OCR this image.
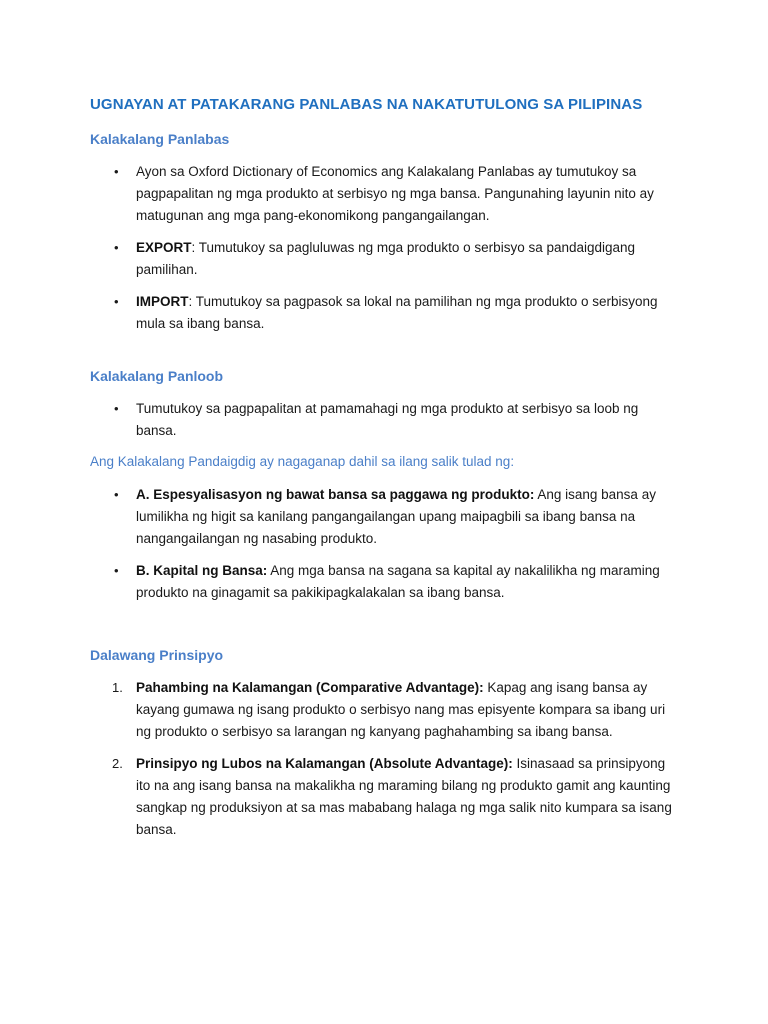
UGNAYAN AT PATAKARANG PANLABAS NA NAKATUTULONG SA PILIPINAS
Kalakalang Panlabas
• Ayon sa Oxford Dictionary of Economics ang Kalakalang Panlabas ay tumutukoy sa pagpapalitan ng mga produkto at serbisyo ng mga bansa. Pangunahing layunin nito ay matugunan ang mga pang-ekonomikong pangangailangan.
• EXPORT: Tumutukoy sa pagluluwas ng mga produkto o serbisyo sa pandaigdigang pamilihan.
• IMPORT: Tumutukoy sa pagpasok sa lokal na pamilihan ng mga produkto o serbisyong mula sa ibang bansa.
Kalakalang Panloob
• Tumutukoy sa pagpapalitan at pamamahagi ng mga produkto at serbisyo sa loob ng bansa.

Ang Kalakalang Pandaigdig ay nagaganap dahil sa ilang salik tulad ng:

• A. Espesyalisasyon ng bawat bansa sa paggawa ng produkto: Ang isang bansa ay lumilikha ng higit sa kanilang pangangailangan upang maipagbili sa ibang bansa na nangangailangan ng nasabing produkto.
• B. Kapital ng Bansa: Ang mga bansa na sagana sa kapital ay nakalilikha ng maraming produkto na ginagamit sa pakikipagkalakalan sa ibang bansa.
Dalawang Prinsipyo
1. Pahambing na Kalamangan (Comparative Advantage): Kapag ang isang bansa ay kayang gumawa ng isang produkto o serbisyo nang mas episyente kompara sa ibang uri ng produkto o serbisyo sa larangan ng kanyang paghahambing sa ibang bansa.
2. Prinsipyo ng Lubos na Kalamangan (Absolute Advantage): Isinasaad sa prinsipyong ito na ang isang bansa na makalikha ng maraming bilang ng produkto gamit ang kaunting sangkap ng produksiyon at sa mas mababang halaga ng mga salik nito kumpara sa isang bansa.
